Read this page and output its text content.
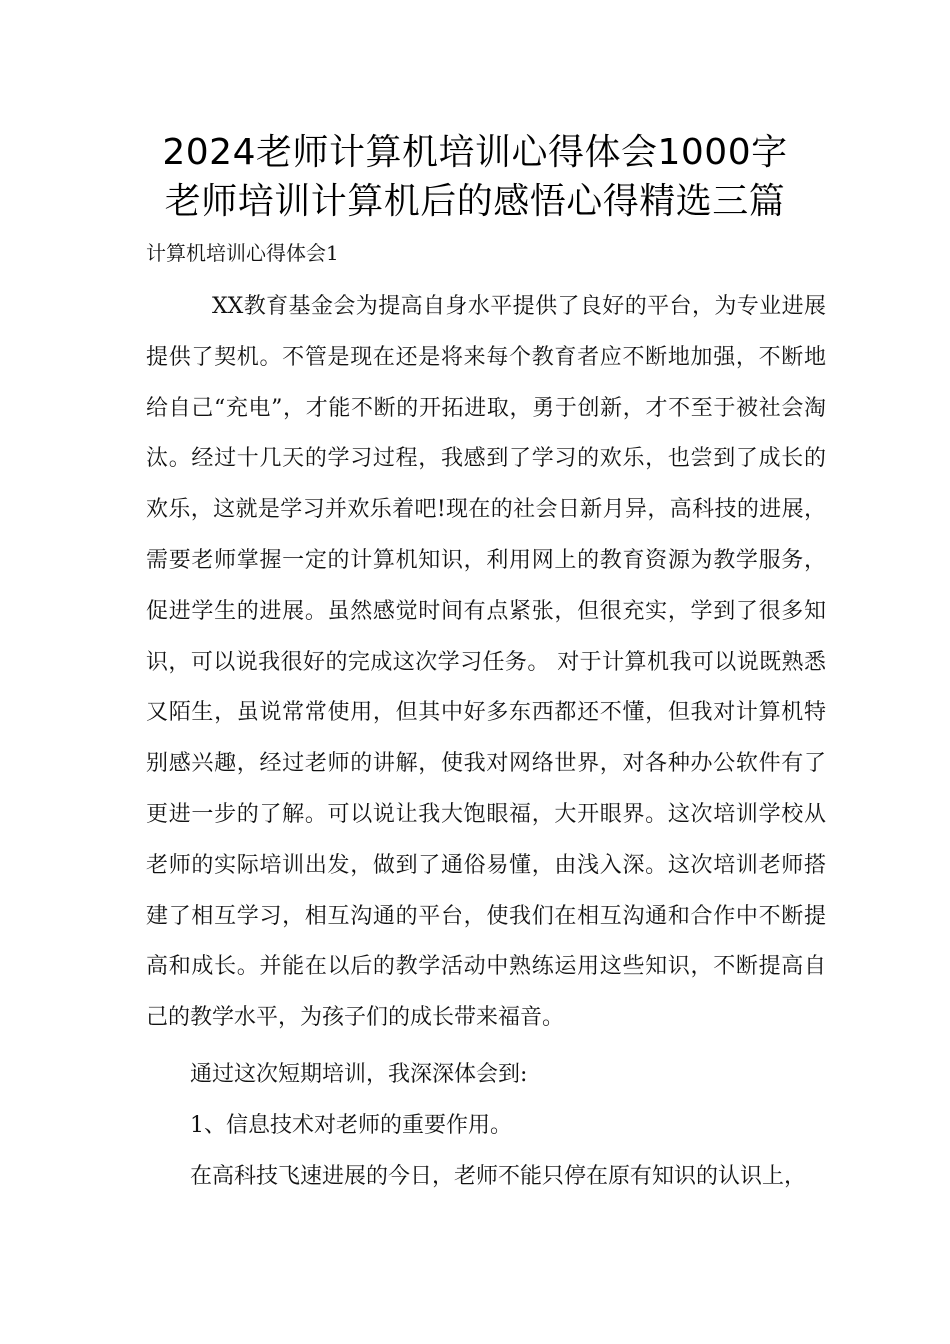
2024老师计算机培训心得体会1000字
老师培训计算机后的感悟心得精选三篇
计算机培训心得体会1

XX教育基金会为提高自身水平提供了良好的平台，为专业进展提供了契机。不管是现在还是将来每个教育者应不断地加强，不断地给自己“充电”，才能不断的开拓进取，勇于创新，才不至于被社会淘汰。经过十几天的学习过程，我感到了学习的欢乐，也尝到了成长的欢乐，这就是学习并欢乐着吧!现在的社会日新月异，高科技的进展，需要老师掌握一定的计算机知识，利用网上的教育资源为教学服务，促进学生的进展。虽然感觉时间有点紧张，但很充实，学到了很多知识，可以说我很好的完成这次学习任务。 对于计算机我可以说既熟悉又陌生，虽说常常使用，但其中好多东西都还不懂，但我对计算机特别感兴趣，经过老师的讲解，使我对网络世界，对各种办公软件有了更进一步的了解。可以说让我大饱眼福，大开眼界。这次培训学校从老师的实际培训出发，做到了通俗易懂，由浅入深。这次培训老师搭建了相互学习，相互沟通的平台，使我们在相互沟通和合作中不断提高和成长。并能在以后的教学活动中熟练运用这些知识，不断提高自己的教学水平，为孩子们的成长带来福音。

通过这次短期培训，我深深体会到:

1、信息技术对老师的重要作用。

在高科技飞速进展的今日，老师不能只停在原有知识的认识上，
